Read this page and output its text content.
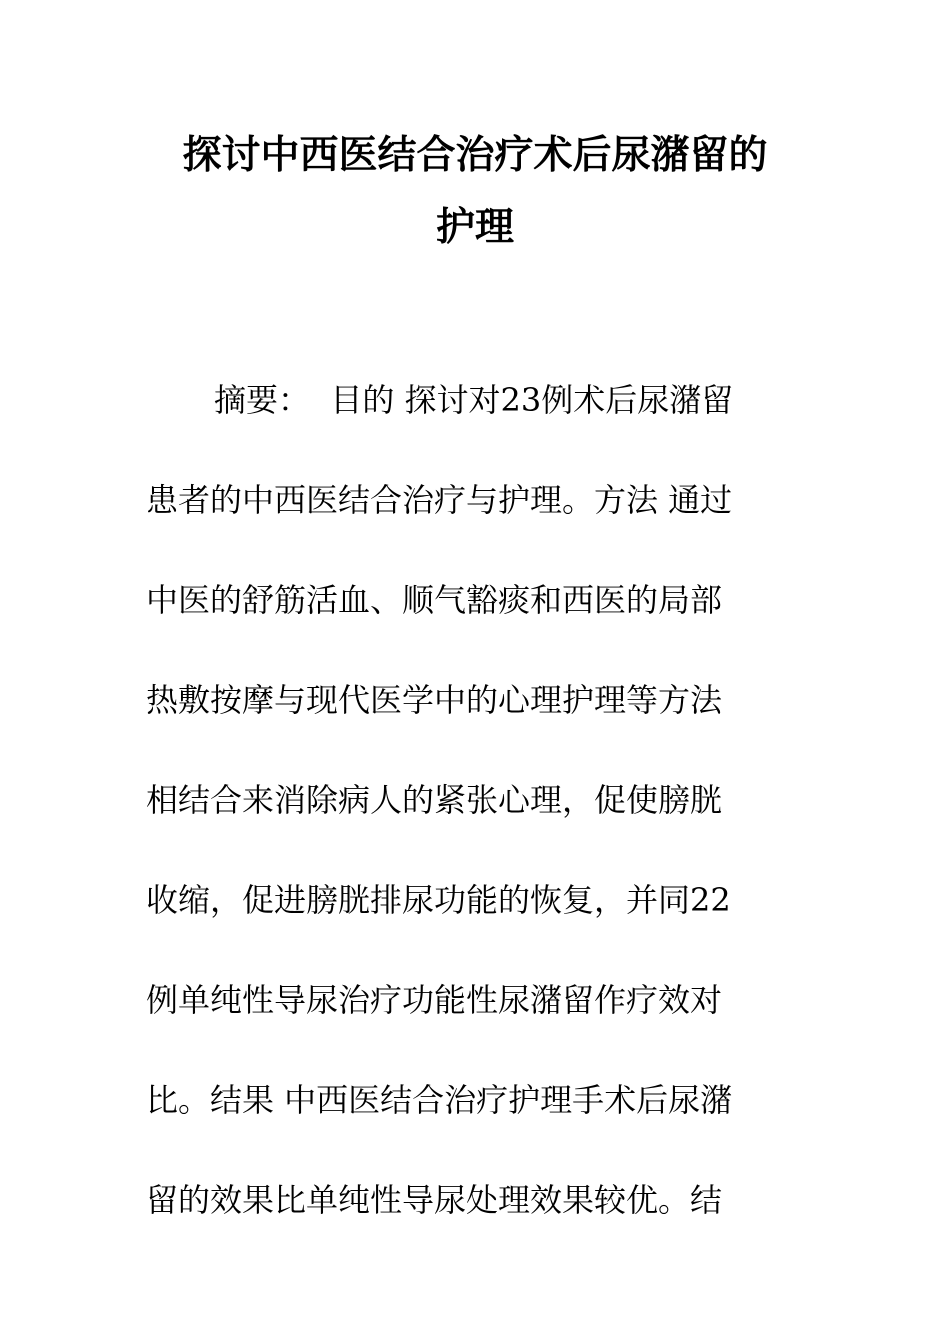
探讨中西医结合治疗术后尿潴留的
护理

摘要：  目的 探讨对23例术后尿潴留

患者的中西医结合治疗与护理。方法 通过

中医的舒筋活血、顺气豁痰和西医的局部

热敷按摩与现代医学中的心理护理等方法

相结合来消除病人的紧张心理，促使膀胱

收缩，促进膀胱排尿功能的恢复，并同22

例单纯性导尿治疗功能性尿潴留作疗效对

比。结果 中西医结合治疗护理手术后尿潴

留的效果比单纯性导尿处理效果较优。结
